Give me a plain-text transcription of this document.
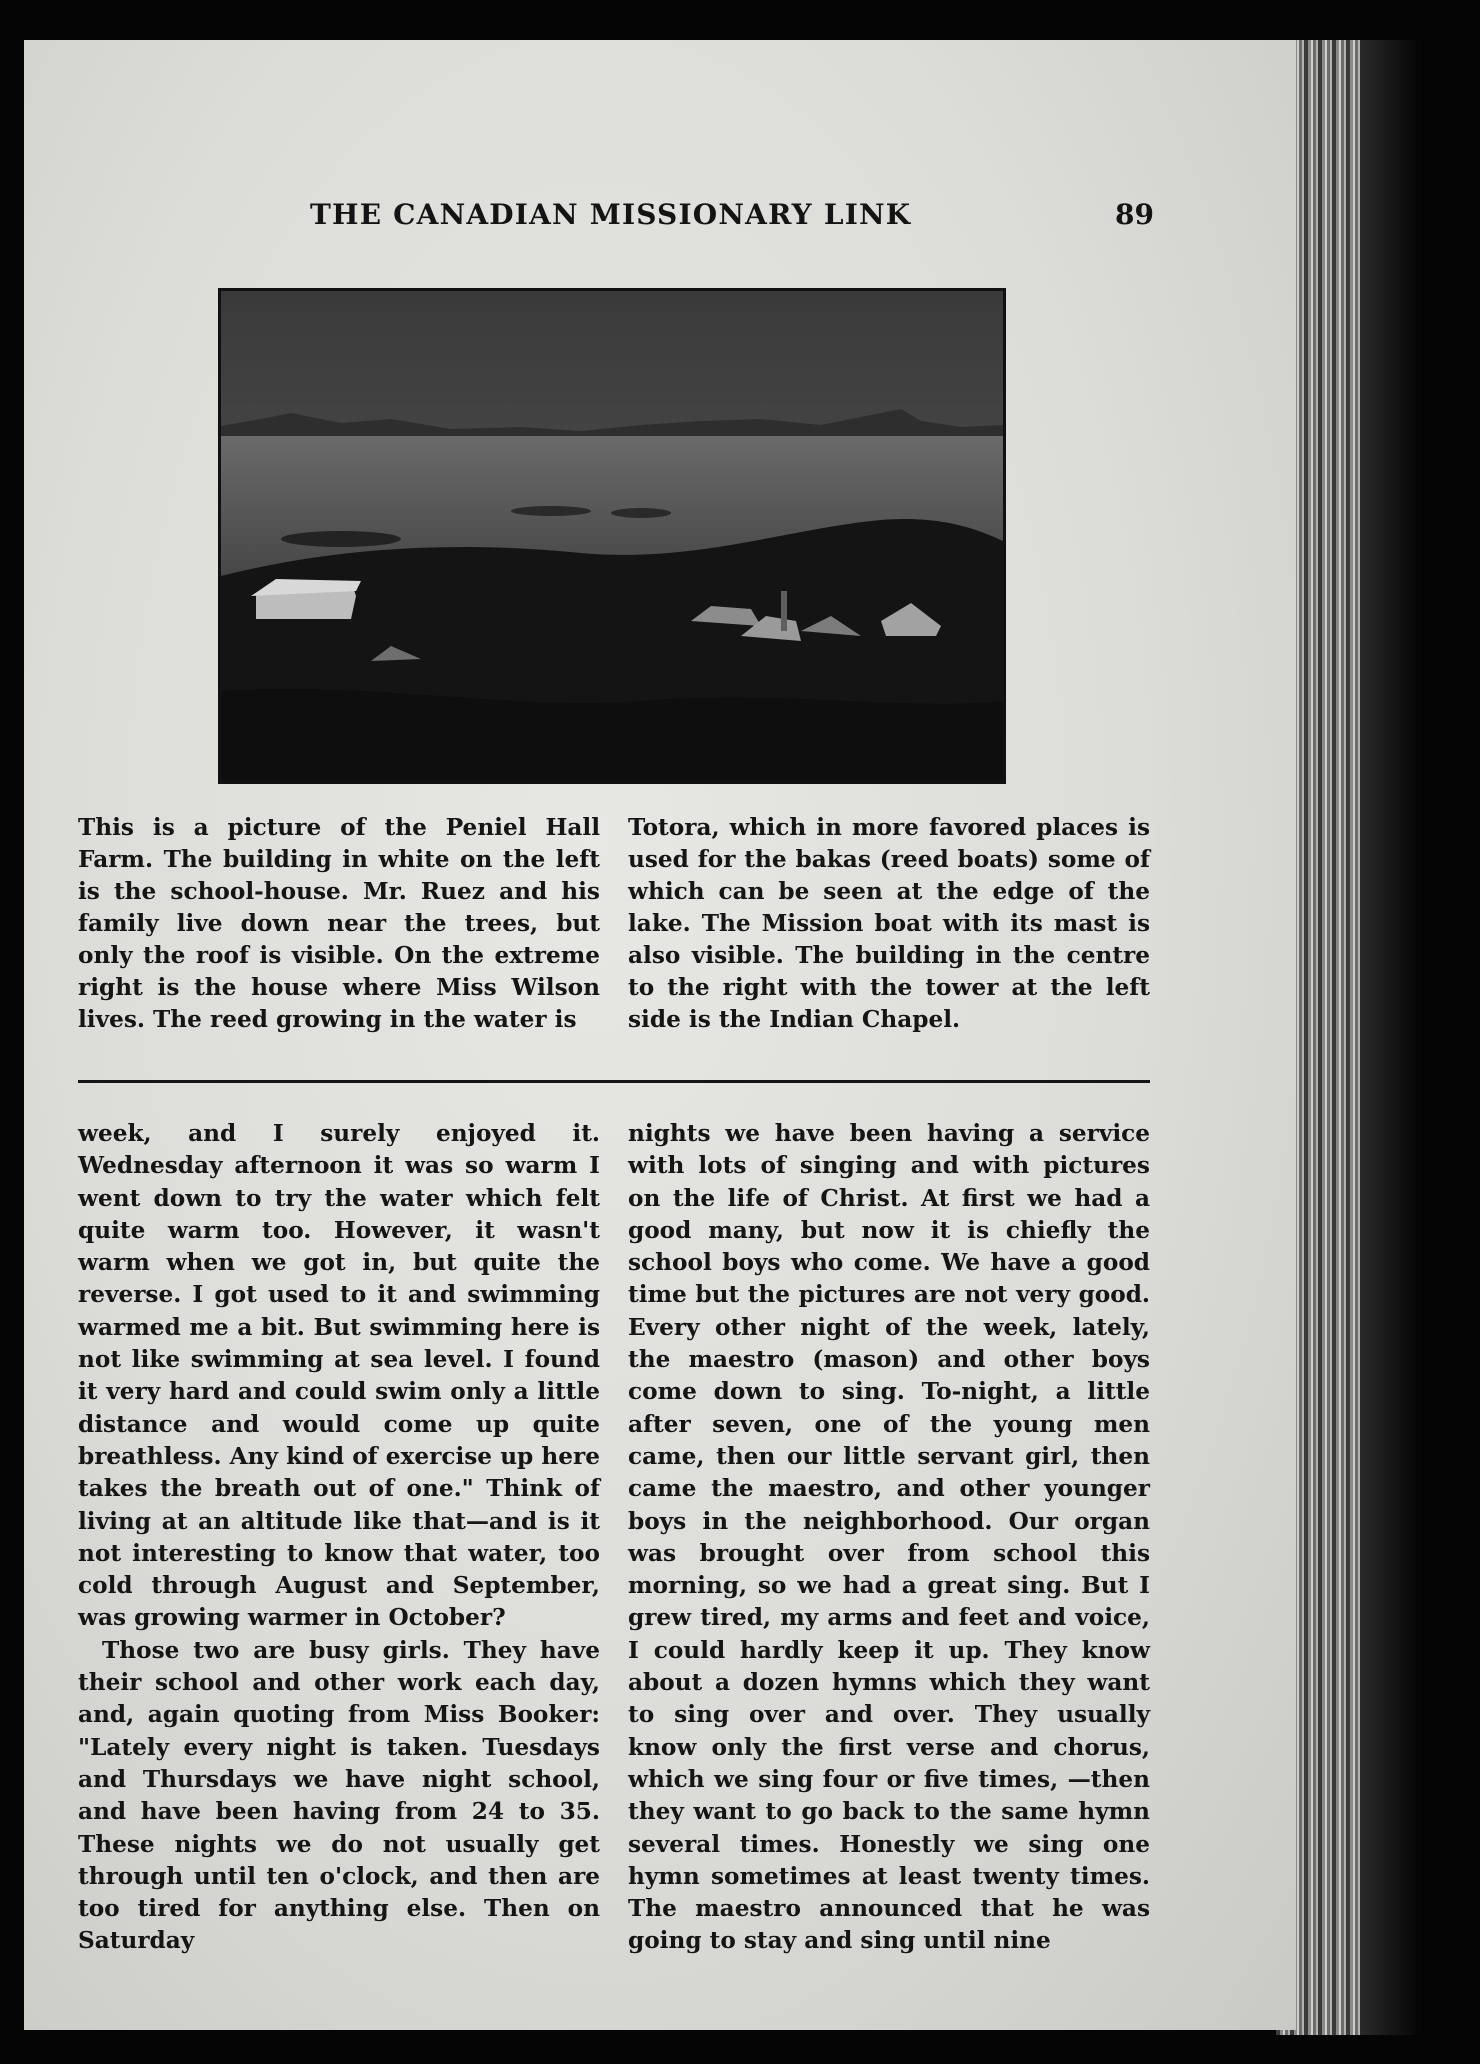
THE CANADIAN MISSIONARY LINK	89
This is a picture of the Peniel Hall Farm. The building in white on the left is the school-house. Mr. Ruez and his family live down near the trees, but only the roof is visible. On the extreme right is the house where Miss Wilson lives. The reed growing in the water is
Totora, which in more favored places is used for the bakas (reed boats) some of which can be seen at the edge of the lake. The Mission boat with its mast is also visible. The building in the centre to the right with the tower at the left side is the Indian Chapel.

week, and I surely enjoyed it. Wednesday afternoon it was so warm I went down to try the water which felt quite warm too. However, it wasn't warm when we got in, but quite the reverse. I got used to it and swimming warmed me a bit. But swimming here is not like swimming at sea level. I found it very hard and could swim only a little distance and would come up quite breathless. Any kind of exercise up here takes the breath out of one." Think of living at an altitude like that—and is it not interesting to know that water, too cold through August and September, was growing warmer in October?

Those two are busy girls. They have their school and other work each day, and, again quoting from Miss Booker: "Lately every night is taken. Tuesdays and Thursdays we have night school, and have been having from 24 to 35. These nights we do not usually get through until ten o'clock, and then are too tired for anything else. Then on Saturday

nights we have been having a service with lots of singing and with pictures on the life of Christ. At first we had a good many, but now it is chiefly the school boys who come. We have a good time but the pictures are not very good. Every other night of the week, lately, the maestro (mason) and other boys come down to sing. To-night, a little after seven, one of the young men came, then our little servant girl, then came the maestro, and other younger boys in the neighborhood. Our organ was brought over from school this morning, so we had a great sing. But I grew tired, my arms and feet and voice, I could hardly keep it up. They know about a dozen hymns which they want to sing over and over. They usually know only the first verse and chorus, which we sing four or five times, —then they want to go back to the same hymn several times. Honestly we sing one hymn sometimes at least twenty times. The maestro announced that he was going to stay and sing until nine
